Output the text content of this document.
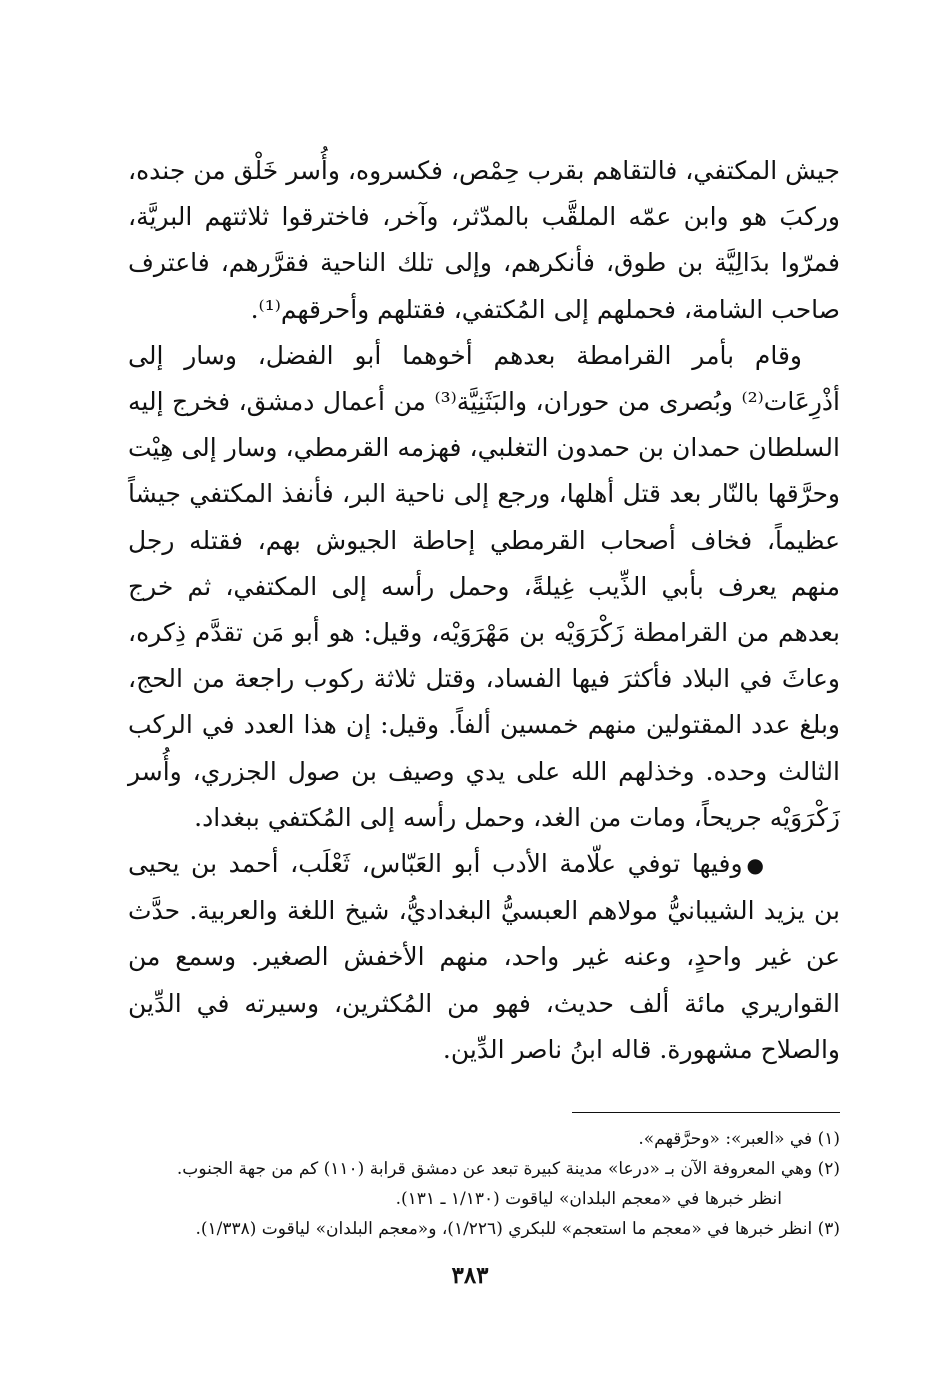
جيش المكتفي، فالتقاهم بقرب حِمْص، فكسروه، وأُسر خَلْق من جنده، وركبَ هو وابن عمّه الملقَّب بالمدّثر، وآخر، فاخترقوا ثلاثتهم البريَّة، فمرّوا بدَالِيَّة بن طوق، فأنكرهم، وإلى تلك الناحية فقرَّرهم، فاعترف صاحب الشامة، فحملهم إلى المُكتفي، فقتلهم وأحرقهم⁽¹⁾.

وقام بأمر القرامطة بعدهم أخوهما أبو الفضل، وسار إلى أذْرِعَات⁽²⁾ وبُصرى من حوران، والبَثَنِيَّة⁽³⁾ من أعمال دمشق، فخرج إليه السلطان حمدان بن حمدون التغلبي، فهزمه القرمطي، وسار إلى هِيْت وحرَّقها بالنّار بعد قتل أهلها، ورجع إلى ناحية البر، فأنفذ المكتفي جيشاً عظيماً، فخاف أصحاب القرمطي إحاطة الجيوش بهم، فقتله رجل منهم يعرف بأبي الذِّيب غِيلةً، وحمل رأسه إلى المكتفي، ثم خرج بعدهم من القرامطة زَكْرَوَيْه بن مَهْرَوَيْه، وقيل: هو أبو مَن تقدَّم ذِكره، وعاثَ في البلاد فأكثرَ فيها الفساد، وقتل ثلاثة ركوب راجعة من الحج، وبلغ عدد المقتولين منهم خمسين ألفاً. وقيل: إن هذا العدد في الركب الثالث وحده. وخذلهم الله على يدي وصيف بن صول الجزري، وأُسر زَكْرَوَيْه جريحاً، ومات من الغد، وحمل رأسه إلى المُكتفي ببغداد.

●وفيها توفي علّامة الأدب أبو العَبّاس، ثَعْلَب، أحمد بن يحيى بن يزيد الشيبانيُّ مولاهم العبسيُّ البغداديُّ، شيخ اللغة والعربية. حدَّث عن غير واحدٍ، وعنه غير واحد، منهم الأخفش الصغير. وسمع من القواريري مائة ألف حديث، فهو من المُكثرين، وسيرته في الدِّين والصلاح مشهورة. قاله ابنُ ناصر الدِّين.

(١) في «العبر»: «وحرَّقهم».

(٢) وهي المعروفة الآن بـ «درعا» مدينة كبيرة تبعد عن دمشق قرابة (١١٠) كم من جهة الجنوب.

انظر خبرها في «معجم البلدان» لياقوت (١/١٣٠ ـ ١٣١).

(٣) انظر خبرها في «معجم ما استعجم» للبكري (١/٢٢٦)، و«معجم البلدان» لياقوت (١/٣٣٨).

٣٨٣
